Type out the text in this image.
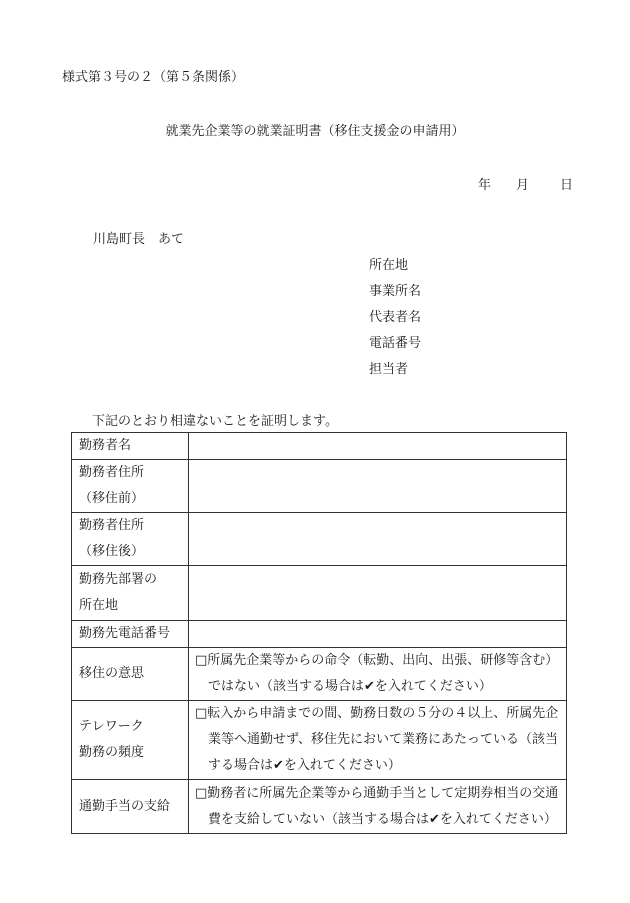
様式第３号の２（第５条関係）
就業先企業等の就業証明書（移住支援金の申請用）
年	月	日
川島町長　あて
所在地
事業所名
代表者名
電話番号
担当者
下記のとおり相違ないことを証明します。
勤務者名	

勤務者住所
（移住前）	

勤務者住所
（移住後）	

勤務先部署の
所在地	

勤務先電話番号	
移住の意思	□所属先企業等からの命令（転勤、出向、出張、研修等含む）
ではない（該当する場合は✔を入れてください）

テレワーク
勤務の頻度	□転入から申請までの間、勤務日数の５分の４以上、所属先企
業等へ通勤せず、移住先において業務にあたっている（該当
する場合は✔を入れてください）

通勤手当の支給	□勤務者に所属先企業等から通勤手当として定期券相当の交通
費を支給していない（該当する場合は✔を入れてください）
